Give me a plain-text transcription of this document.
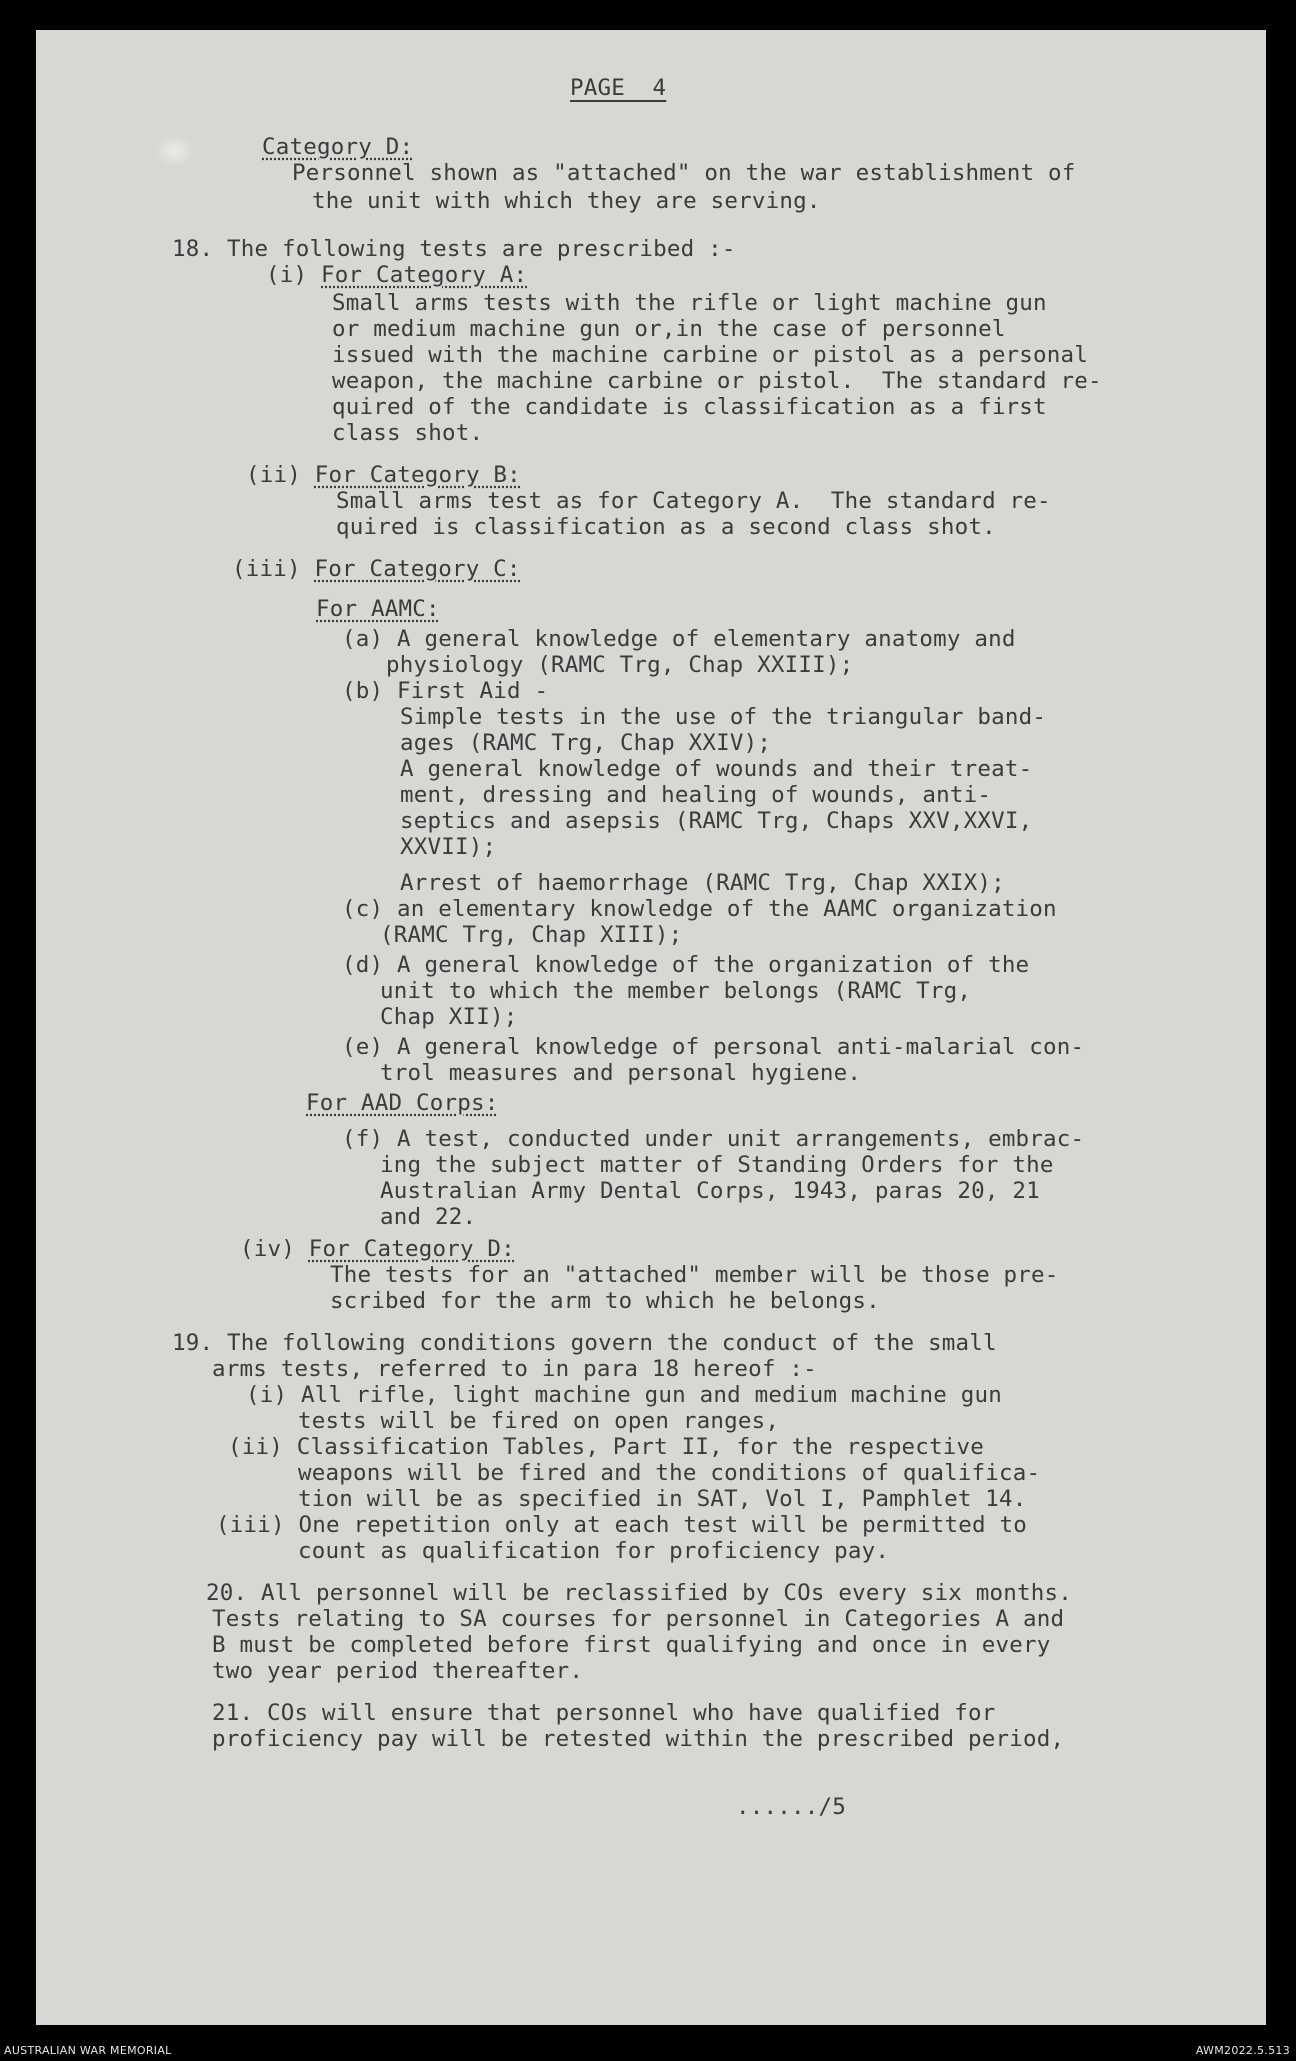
PAGE  4
Category D:
Personnel shown as "attached" on the war establishment of
the unit with which they are serving.
18. The following tests are prescribed :-
(i) For Category A:
Small arms tests with the rifle or light machine gun
or medium machine gun or,in the case of personnel
issued with the machine carbine or pistol as a personal
weapon, the machine carbine or pistol.  The standard re-
quired of the candidate is classification as a first
class shot.
(ii) For Category B:
Small arms test as for Category A.  The standard re-
quired is classification as a second class shot.
(iii) For Category C:
For AAMC:
(a) A general knowledge of elementary anatomy and
physiology (RAMC Trg, Chap XXIII);
(b) First Aid -
Simple tests in the use of the triangular band-
ages (RAMC Trg, Chap XXIV);
A general knowledge of wounds and their treat-
ment, dressing and healing of wounds, anti-
septics and asepsis (RAMC Trg, Chaps XXV,XXVI,
XXVII);
Arrest of haemorrhage (RAMC Trg, Chap XXIX);
(c) an elementary knowledge of the AAMC organization
(RAMC Trg, Chap XIII);
(d) A general knowledge of the organization of the
unit to which the member belongs (RAMC Trg,
Chap XII);
(e) A general knowledge of personal anti-malarial con-
trol measures and personal hygiene.
For AAD Corps:
(f) A test, conducted under unit arrangements, embrac-
ing the subject matter of Standing Orders for the
Australian Army Dental Corps, 1943, paras 20, 21
and 22.
(iv) For Category D:
The tests for an "attached" member will be those pre-
scribed for the arm to which he belongs.
19. The following conditions govern the conduct of the small
arms tests, referred to in para 18 hereof :-
(i) All rifle, light machine gun and medium machine gun
tests will be fired on open ranges,
(ii) Classification Tables, Part II, for the respective
weapons will be fired and the conditions of qualifica-
tion will be as specified in SAT, Vol I, Pamphlet 14.
(iii) One repetition only at each test will be permitted to
count as qualification for proficiency pay.
20. All personnel will be reclassified by COs every six months.
Tests relating to SA courses for personnel in Categories A and
B must be completed before first qualifying and once in every
two year period thereafter.
21. COs will ensure that personnel who have qualified for
proficiency pay will be retested within the prescribed period,
....../5
AUSTRALIAN WAR MEMORIAL	AWM2022.5.513
